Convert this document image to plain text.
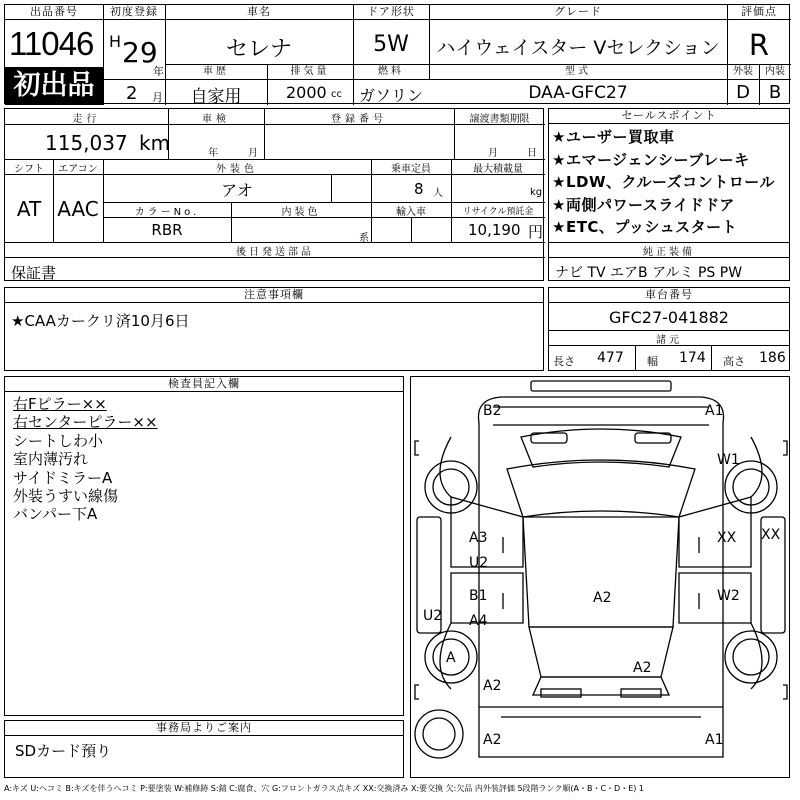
出品番号
11046
初出品
初度登録
H 29
年
2 月
車名
セレナ
ドア形状
5W
グレード
ハイウェイスター Vセレクション
評価点
R
車歴	排気量	燃料	型式
自家用	2000 cc	ガソリン	DAA-GFC27
外装	内装
D	B
走行
115,037 km
車検
年	月
登録番号	譲渡書類期限
月	日
シフト
AT
エアコン
AAC
外装色
アオ
乗車定員
8 人
最大積載量
kg
カラーNo.
RBR
内装色
系
輸入車	リサイクル預託金
10,190 円
後日発送部品
保証書
セールスポイント
★ユーザー買取車
★エマージェンシーブレーキ
★LDW、クルーズコントロール
★両側パワースライドドア
★ETC、プッシュスタート
純正装備
ナビ TV エアB アルミ PS PW
注意事項欄
★CAAカークリ済10月6日
車台番号
GFC27-041882
諸元
長さ 477 幅 174 高さ 186
検査員記入欄
右Fピラー××
右センターピラー××
シートしわ小
室内薄汚れ
サイドミラーA
外装うすい線傷
バンパー下A
事務局よりご案内
SDカード預り
B2	A1
W1
A3
U2
XX XX
B1
A4
A2	W2
U2
A
A2
A2
A2	A1
A:キズ U:ヘコミ B:キズを伴うヘコミ P:要塗装 W:補修跡 S:錆 C:腐食、穴 G:フロントガラス点キズ XX:交換済み X:要交換 欠:欠品 内外装評価 5段階ランク順(A・B・C・D・E) 1
